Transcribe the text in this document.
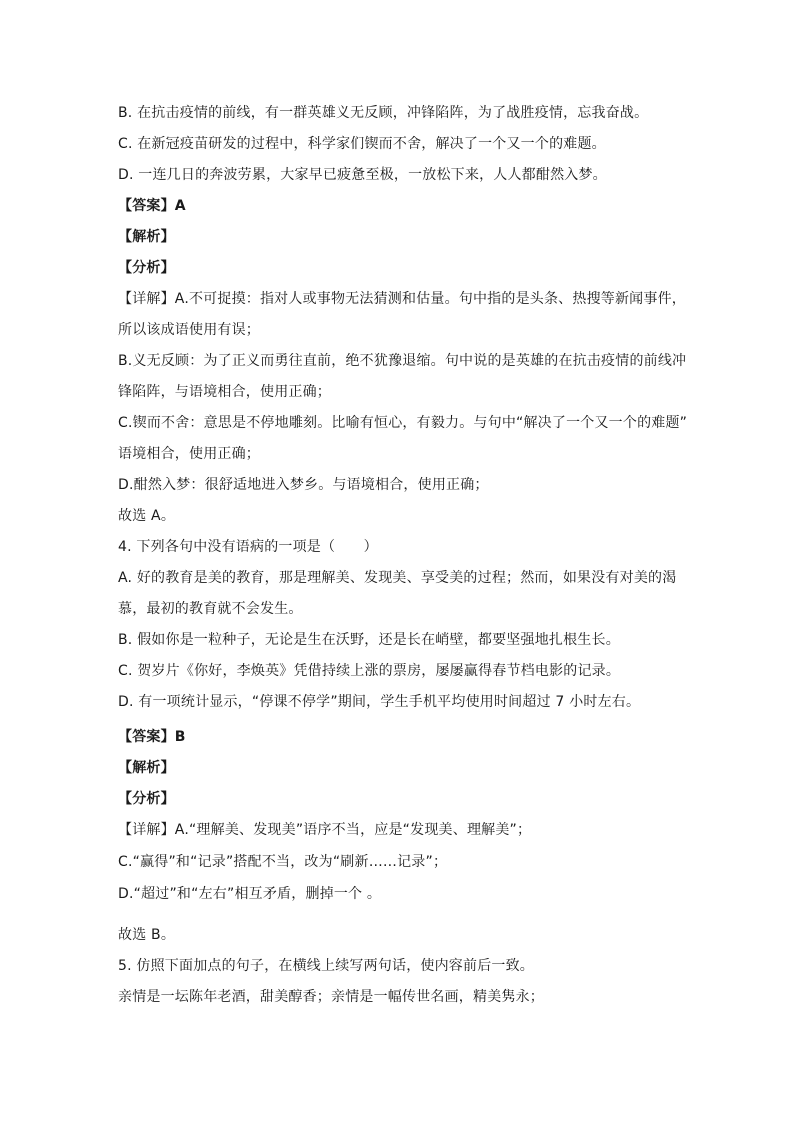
B. 在抗击疫情的前线，有一群英雄义无反顾，冲锋陷阵，为了战胜疫情，忘我奋战。
C. 在新冠疫苗研发的过程中，科学家们锲而不舍，解决了一个又一个的难题。
D. 一连几日的奔波劳累，大家早已疲惫至极，一放松下来，人人都酣然入梦。
【答案】A
【解析】
【分析】
【详解】A.不可捉摸：指对人或事物无法猜测和估量。句中指的是头条、热搜等新闻事件，
所以该成语使用有误；
B.义无反顾：为了正义而勇往直前，绝不犹豫退缩。句中说的是英雄的在抗击疫情的前线冲
锋陷阵，与语境相合，使用正确；
C.锲而不舍：意思是不停地雕刻。比喻有恒心，有毅力。与句中“解决了一个又一个的难题”
语境相合，使用正确；
D.酣然入梦：很舒适地进入梦乡。与语境相合，使用正确；
故选 A。
4. 下列各句中没有语病的一项是（　　）
A. 好的教育是美的教育，那是理解美、发现美、享受美的过程；然而，如果没有对美的渴
慕，最初的教育就不会发生。
B. 假如你是一粒种子，无论是生在沃野，还是长在峭壁，都要坚强地扎根生长。
C. 贺岁片《你好，李焕英》凭借持续上涨的票房，屡屡赢得春节档电影的记录。
D. 有一项统计显示，“停课不停学”期间，学生手机平均使用时间超过 7 小时左右。
【答案】B
【解析】
【分析】
【详解】A.“理解美、发现美”语序不当，应是“发现美、理解美”；
C.“赢得”和“记录”搭配不当，改为“刷新……记录”；
D.“超过”和“左右”相互矛盾，删掉一个 。
故选 B。
5. 仿照下面加点的句子，在横线上续写两句话，使内容前后一致。
亲情是一坛陈年老酒，甜美醇香；亲情是一幅传世名画，精美隽永；
